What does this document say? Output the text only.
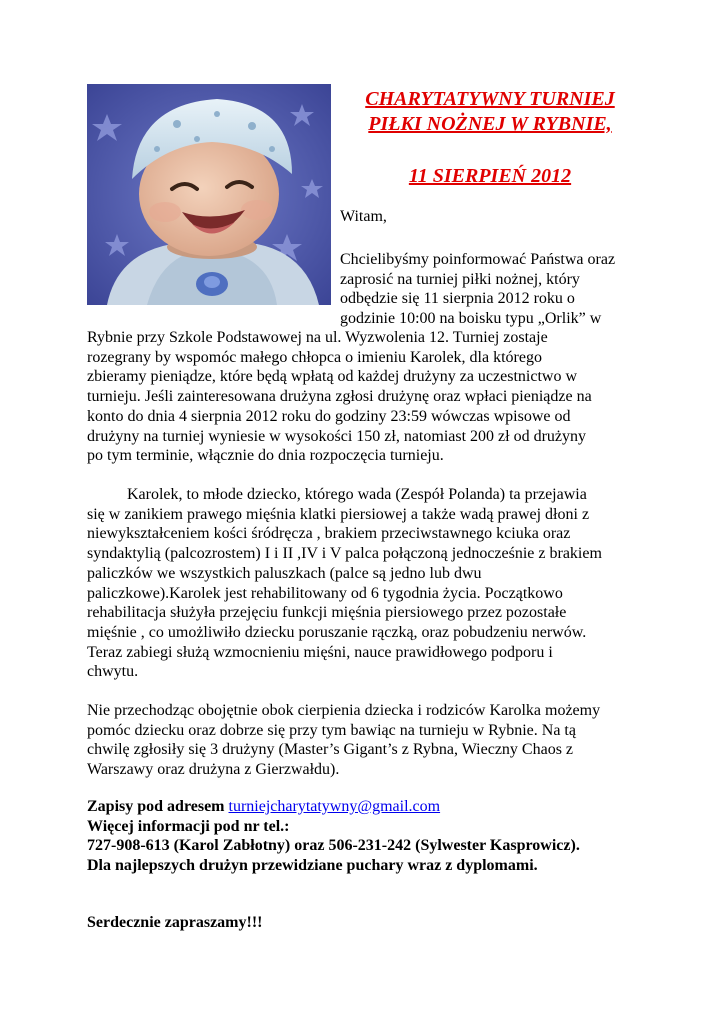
CHARYTATYWNY TURNIEJ
PIŁKI NOŻNEJ W RYBNIE,
11 SIERPIEŃ 2012
Witam,
Chcielibyśmy poinformować Państwa oraz
zaprosić na turniej piłki nożnej, który
odbędzie się 11 sierpnia 2012 roku o
godzinie 10:00 na boisku typu „Orlik” w
Rybnie przy Szkole Podstawowej na ul. Wyzwolenia 12. Turniej zostaje
rozegrany by wspomóc małego chłopca o imieniu Karolek, dla którego
zbieramy pieniądze, które będą wpłatą od każdej drużyny za uczestnictwo w
turnieju. Jeśli zainteresowana drużyna zgłosi drużynę oraz wpłaci pieniądze na
konto do dnia 4 sierpnia 2012 roku do godziny 23:59 wówczas wpisowe od
drużyny na turniej wyniesie w wysokości 150 zł, natomiast 200 zł od drużyny
po tym terminie, włącznie do dnia rozpoczęcia turnieju.
Karolek, to młode dziecko, którego wada (Zespół Polanda) ta przejawia
się w zanikiem prawego mięśnia klatki piersiowej a także wadą prawej dłoni z
niewykształceniem kości śródręcza , brakiem przeciwstawnego kciuka oraz
syndaktylią (palcozrostem) I i II ,IV i V palca połączoną jednocześnie z brakiem
paliczków we wszystkich paluszkach (palce są jedno lub dwu
paliczkowe).Karolek jest rehabilitowany od 6 tygodnia życia. Początkowo
rehabilitacja służyła przejęciu funkcji mięśnia piersiowego przez pozostałe
mięśnie , co umożliwiło dziecku poruszanie rączką, oraz pobudzeniu nerwów.
Teraz zabiegi służą wzmocnieniu mięśni, nauce prawidłowego podporu i
chwytu.
Nie przechodząc obojętnie obok cierpienia dziecka i rodziców Karolka możemy
pomóc dziecku oraz dobrze się przy tym bawiąc na turnieju w Rybnie. Na tą
chwilę zgłosiły się 3 drużyny (Master’s Gigant’s z Rybna, Wieczny Chaos z
Warszawy oraz drużyna z Gierzwałdu).
Zapisy pod adresem turniejcharytatywny@gmail.com
Więcej informacji pod nr tel.:
727-908-613 (Karol Zabłotny) oraz 506-231-242 (Sylwester Kasprowicz).
Dla najlepszych drużyn przewidziane puchary wraz z dyplomami.
Serdecznie zapraszamy!!!
